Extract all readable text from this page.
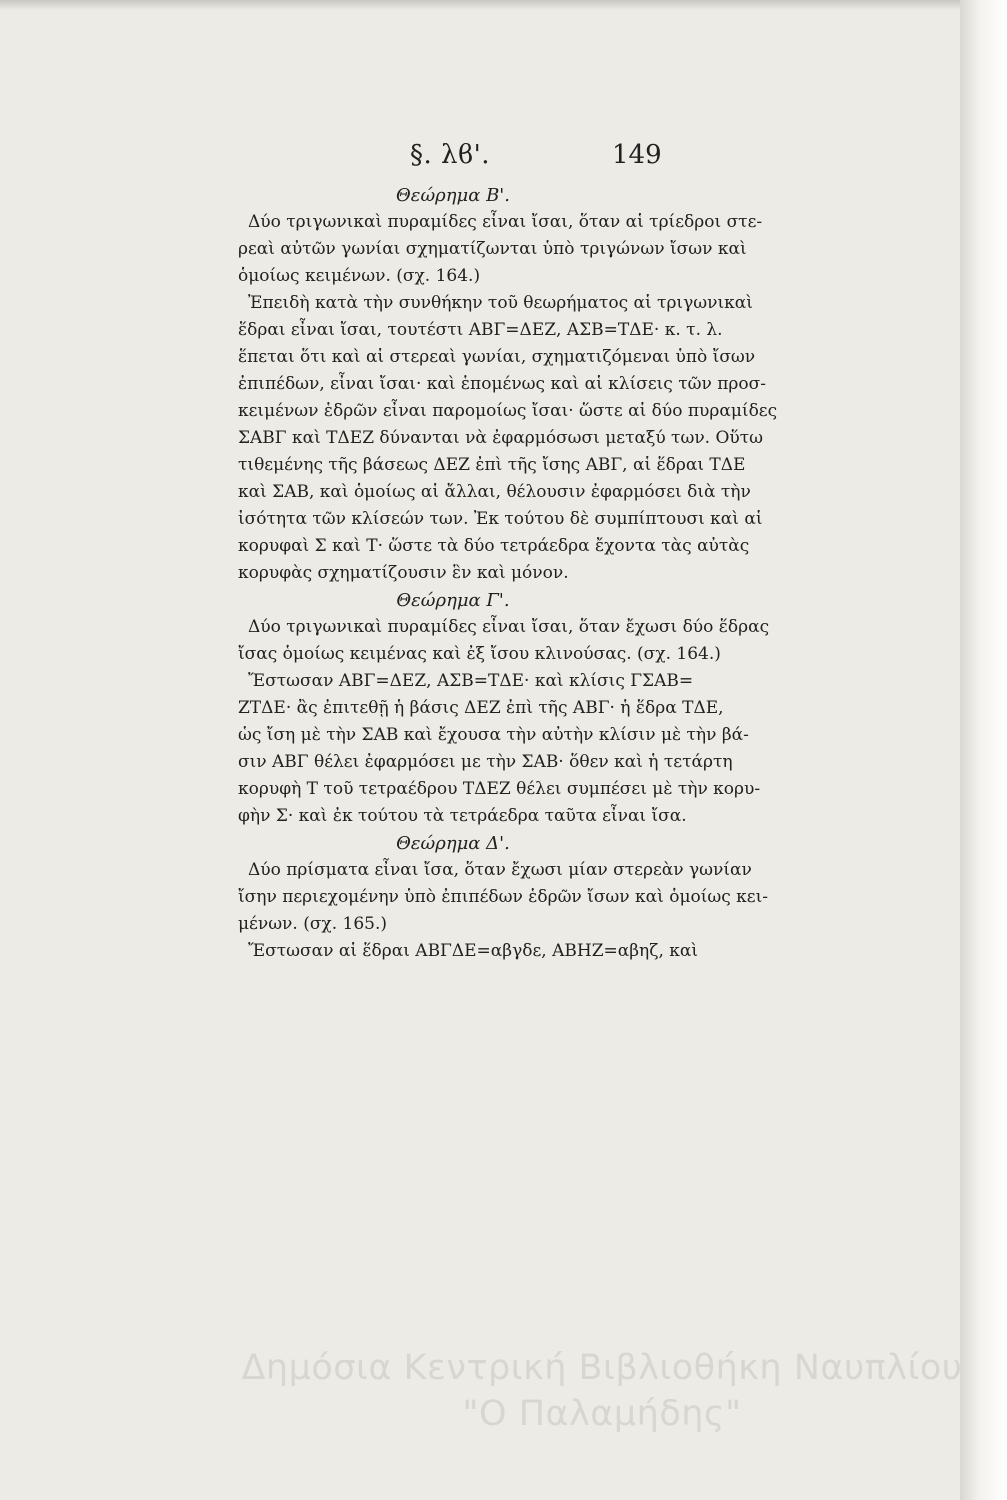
§. λϐ'.	149
Θεώρημα Β'.
Δύο τριγωνικαὶ πυραμίδες εἶναι ἴσαι, ὅταν αἱ τρίεδροι στε-
ρεαὶ αὐτῶν γωνίαι σχηματίζωνται ὑπὸ τριγώνων ἴσων καὶ
ὁμοίως κειμένων. (σχ. 164.)
Ἐπειδὴ κατὰ τὴν συνθήκην τοῦ θεωρήματος αἱ τριγωνικαὶ
ἕδραι εἶναι ἴσαι, τουτέστι ΑΒΓ=ΔΕΖ, ΑΣΒ=ΤΔΕ· κ. τ. λ.
ἕπεται ὅτι καὶ αἱ στερεαὶ γωνίαι, σχηματιζόμεναι ὑπὸ ἴσων
ἐπιπέδων, εἶναι ἴσαι· καὶ ἑπομένως καὶ αἱ κλίσεις τῶν προσ-
κειμένων ἑδρῶν εἶναι παρομοίως ἴσαι· ὥστε αἱ δύο πυραμίδες
ΣΑΒΓ καὶ ΤΔΕΖ δύνανται νὰ ἐφαρμόσωσι μεταξύ των. Οὕτω
τιθεμένης τῆς βάσεως ΔΕΖ ἐπὶ τῆς ἴσης ΑΒΓ, αἱ ἕδραι ΤΔΕ
καὶ ΣΑΒ, καὶ ὁμοίως αἱ ἄλλαι, θέλουσιν ἐφαρμόσει διὰ τὴν
ἰσότητα τῶν κλίσεών των. Ἐκ τούτου δὲ συμπίπτουσι καὶ αἱ
κορυφαὶ Σ καὶ Τ· ὥστε τὰ δύο τετράεδρα ἔχοντα τὰς αὐτὰς
κορυφὰς σχηματίζουσιν ἓν καὶ μόνον.
Θεώρημα Γ'.
Δύο τριγωνικαὶ πυραμίδες εἶναι ἴσαι, ὅταν ἔχωσι δύο ἕδρας
ἴσας ὁμοίως κειμένας καὶ ἐξ ἴσου κλινούσας. (σχ. 164.)
Ἔστωσαν ΑΒΓ=ΔΕΖ, ΑΣΒ=ΤΔΕ· καὶ κλίσις ΓΣΑΒ=
ΖΤΔΕ· ἂς ἐπιτεθῇ ἡ βάσις ΔΕΖ ἐπὶ τῆς ΑΒΓ· ἡ ἕδρα ΤΔΕ,
ὡς ἴση μὲ τὴν ΣΑΒ καὶ ἔχουσα τὴν αὐτὴν κλίσιν μὲ τὴν βά-
σιν ΑΒΓ θέλει ἐφαρμόσει με τὴν ΣΑΒ· ὅθεν καὶ ἡ τετάρτη
κορυφὴ Τ τοῦ τετραέδρου ΤΔΕΖ θέλει συμπέσει μὲ τὴν κορυ-
φὴν Σ· καὶ ἐκ τούτου τὰ τετράεδρα ταῦτα εἶναι ἴσα.
Θεώρημα Δ'.
Δύο πρίσματα εἶναι ἴσα, ὅταν ἔχωσι μίαν στερεὰν γωνίαν
ἴσην περιεχομένην ὑπὸ ἐπιπέδων ἑδρῶν ἴσων καὶ ὁμοίως κει-
μένων. (σχ. 165.)
Ἔστωσαν αἱ ἕδραι ΑΒΓΔΕ=αβγδε, ΑΒΗΖ=αβηζ, καὶ
Δημόσια Κεντρική Βιβλιοθήκη Ναυπλίου
"Ο Παλαμήδης"
